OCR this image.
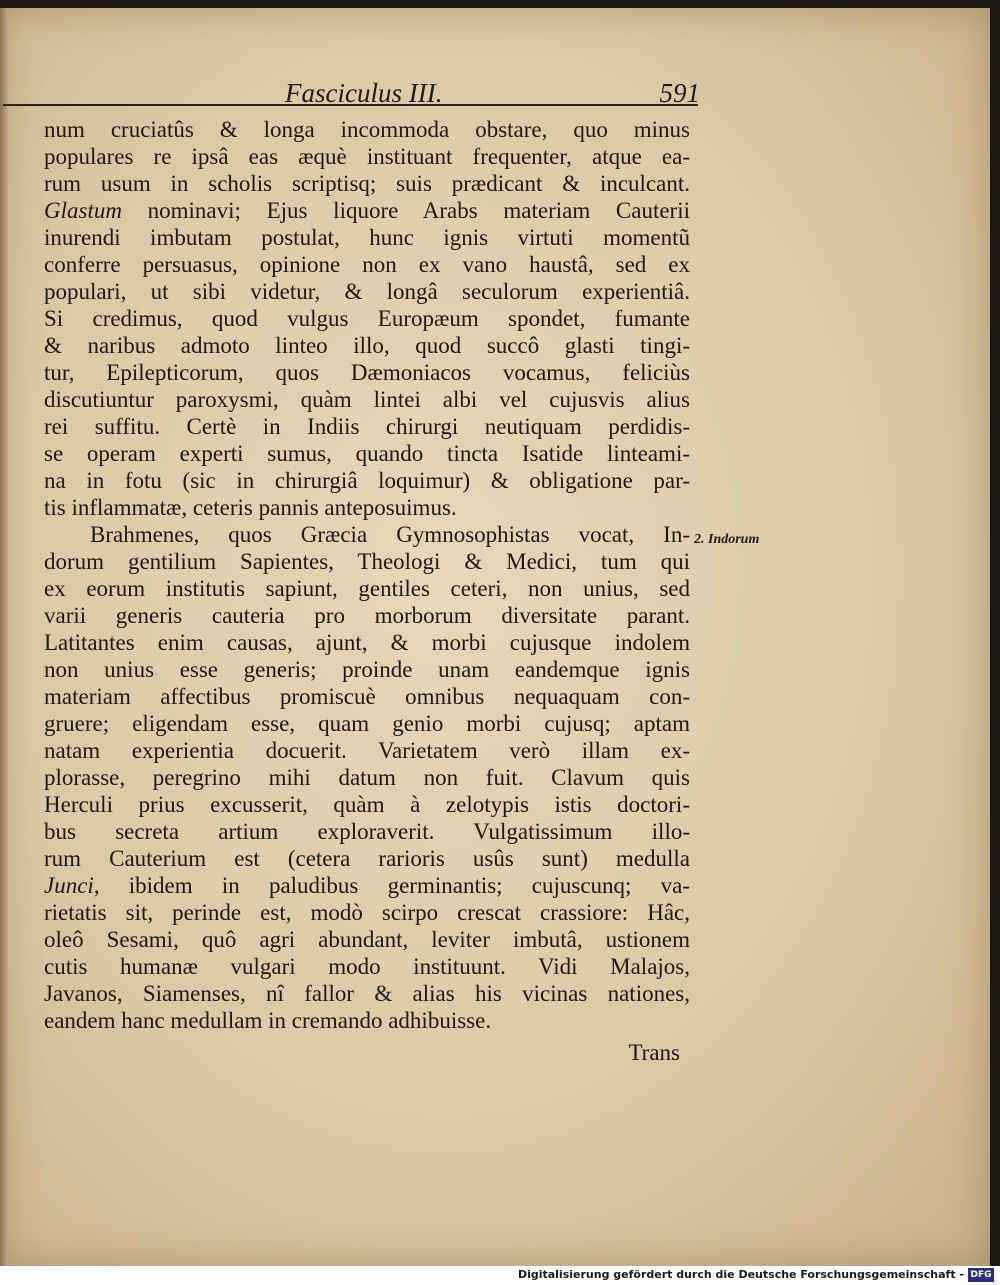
Fasciculus III.	591
num cruciatûs & longa incommoda obstare, quo minus
populares re ipsâ eas æquè instituant frequenter, atque ea-
rum usum in scholis scriptisq; suis prædicant & inculcant.
Glastum nominavi; Ejus liquore Arabs materiam Cauterii
inurendi imbutam postulat, hunc ignis virtuti momentũ
conferre persuasus, opinione non ex vano haustâ, sed ex
populari, ut sibi videtur, & longâ seculorum experientiâ.
Si credimus, quod vulgus Europæum spondet, fumante
& naribus admoto linteo illo, quod succô glasti tingi-
tur, Epilepticorum, quos Dæmoniacos vocamus, feliciùs
discutiuntur paroxysmi, quàm lintei albi vel cujusvis alius
rei suffitu. Certè in Indiis chirurgi neutiquam perdidis-
se operam experti sumus, quando tincta Isatide linteami-
na in fotu (sic in chirurgiâ loquimur) & obligatione par-
tis inflammatæ, ceteris pannis anteposuimus.
Brahmenes, quos Græcia Gymnosophistas vocat, In-
dorum gentilium Sapientes, Theologi & Medici, tum qui
ex eorum institutis sapiunt, gentiles ceteri, non unius, sed
varii generis cauteria pro morborum diversitate parant.
Latitantes enim causas, ajunt, & morbi cujusque indolem
non unius esse generis; proinde unam eandemque ignis
materiam affectibus promiscuè omnibus nequaquam con-
gruere; eligendam esse, quam genio morbi cujusq; aptam
natam experientia docuerit. Varietatem verò illam ex-
plorasse, peregrino mihi datum non fuit. Clavum quis
Herculi prius excusserit, quàm à zelotypis istis doctori-
bus secreta artium exploraverit. Vulgatissimum illo-
rum Cauterium est (cetera rarioris usûs sunt) medulla
Junci, ibidem in paludibus germinantis; cujuscunq; va-
rietatis sit, perinde est, modò scirpo crescat crassiore: Hâc,
oleô Sesami, quô agri abundant, leviter imbutâ, ustionem
cutis humanæ vulgari modo instituunt. Vidi Malajos,
Javanos, Siamenses, nî fallor & alias his vicinas nationes,
eandem hanc medullam in cremando adhibuisse.
2. Indorum
Trans
Digitalisierung gefördert durch die Deutsche Forschungsgemeinschaft - DFG
